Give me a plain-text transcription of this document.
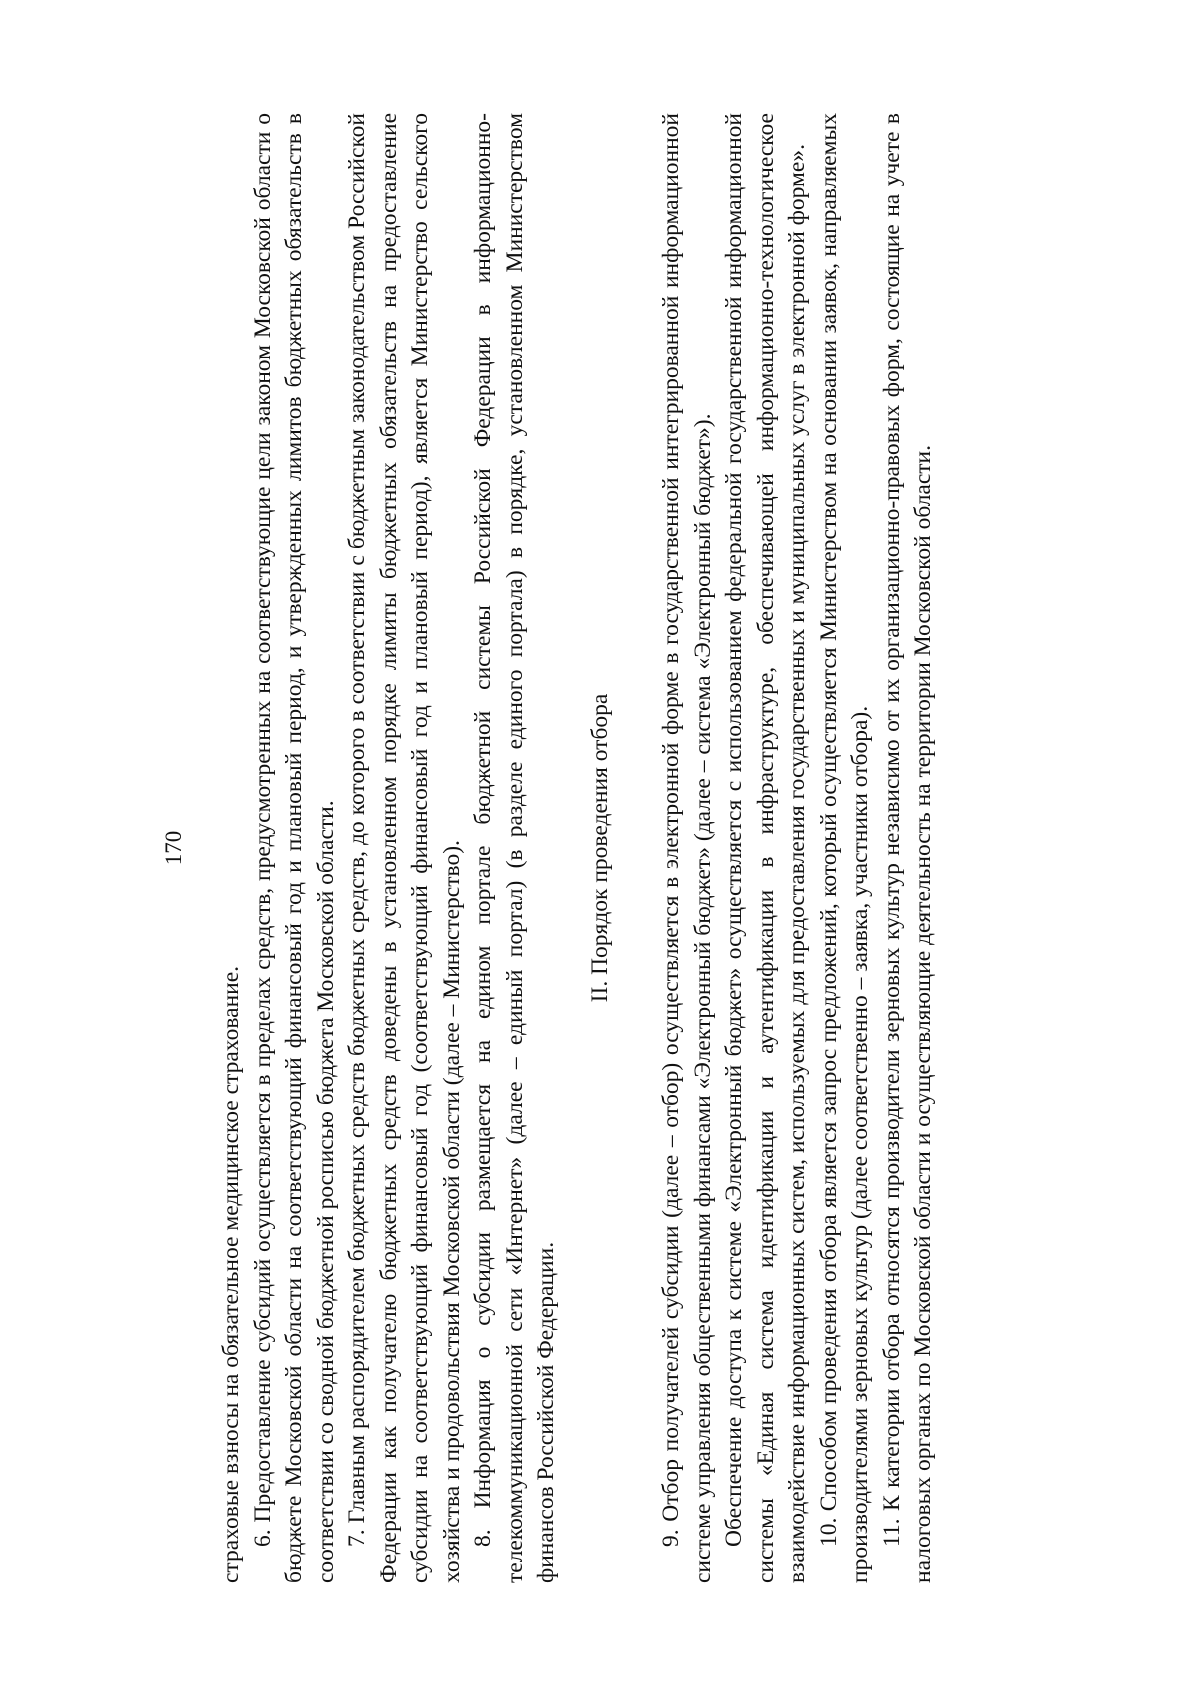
170

страховые взносы на обязательное медицинское страхование. 6. Предоставление субсидий осуществляется в пределах средств, предусмотренных на соответствующие цели законом Московской области о бюджете Московской области на соответствующий финансовый год и плановый период, и утвержденных лимитов бюджетных обязательств в соответствии со сводной бюджетной росписью бюджета Московской области. 7. Главным распорядителем бюджетных средств бюджетных средств, до которого в соответствии с бюджетным законодательством Российской Федерации как получателю бюджетных средств доведены в установленном порядке лимиты бюджетных обязательств на предоставление субсидии на соответствующий финансовый год (соответствующий финансовый год и плановый период), является Министерство сельского хозяйства и продовольствия Московской области (далее – Министерство). 8. Информация о субсидии размещается на едином портале бюджетной системы Российской Федерации в информационно-телекоммуникационной сети «Интернет» (далее – единый портал) (в разделе единого портала) в порядке, установленном Министерством финансов Российской Федерации.

II. Порядок проведения отбора 9. Отбор получателей субсидии (далее – отбор) осуществляется в электронной форме в государственной интегрированной информационной системе управления общественными финансами «Электронный бюджет» (далее – система «Электронный бюджет»). Обеспечение доступа к системе «Электронный бюджет» осуществляется с использованием федеральной государственной информационной системы «Единая система идентификации и аутентификации в инфраструктуре, обеспечивающей информационно-технологическое взаимодействие информационных систем, используемых для предоставления государственных и муниципальных услуг в электронной форме». 10. Способом проведения отбора является запрос предложений, который осуществляется Министерством на основании заявок, направляемых производителями зерновых культур (далее соответственно – заявка, участники отбора). 11. К категории отбора относятся производители зерновых культур независимо от их организационно-правовых форм, состоящие на учете в налоговых органах по Московской области и осуществляющие деятельность на территории Московской области.
